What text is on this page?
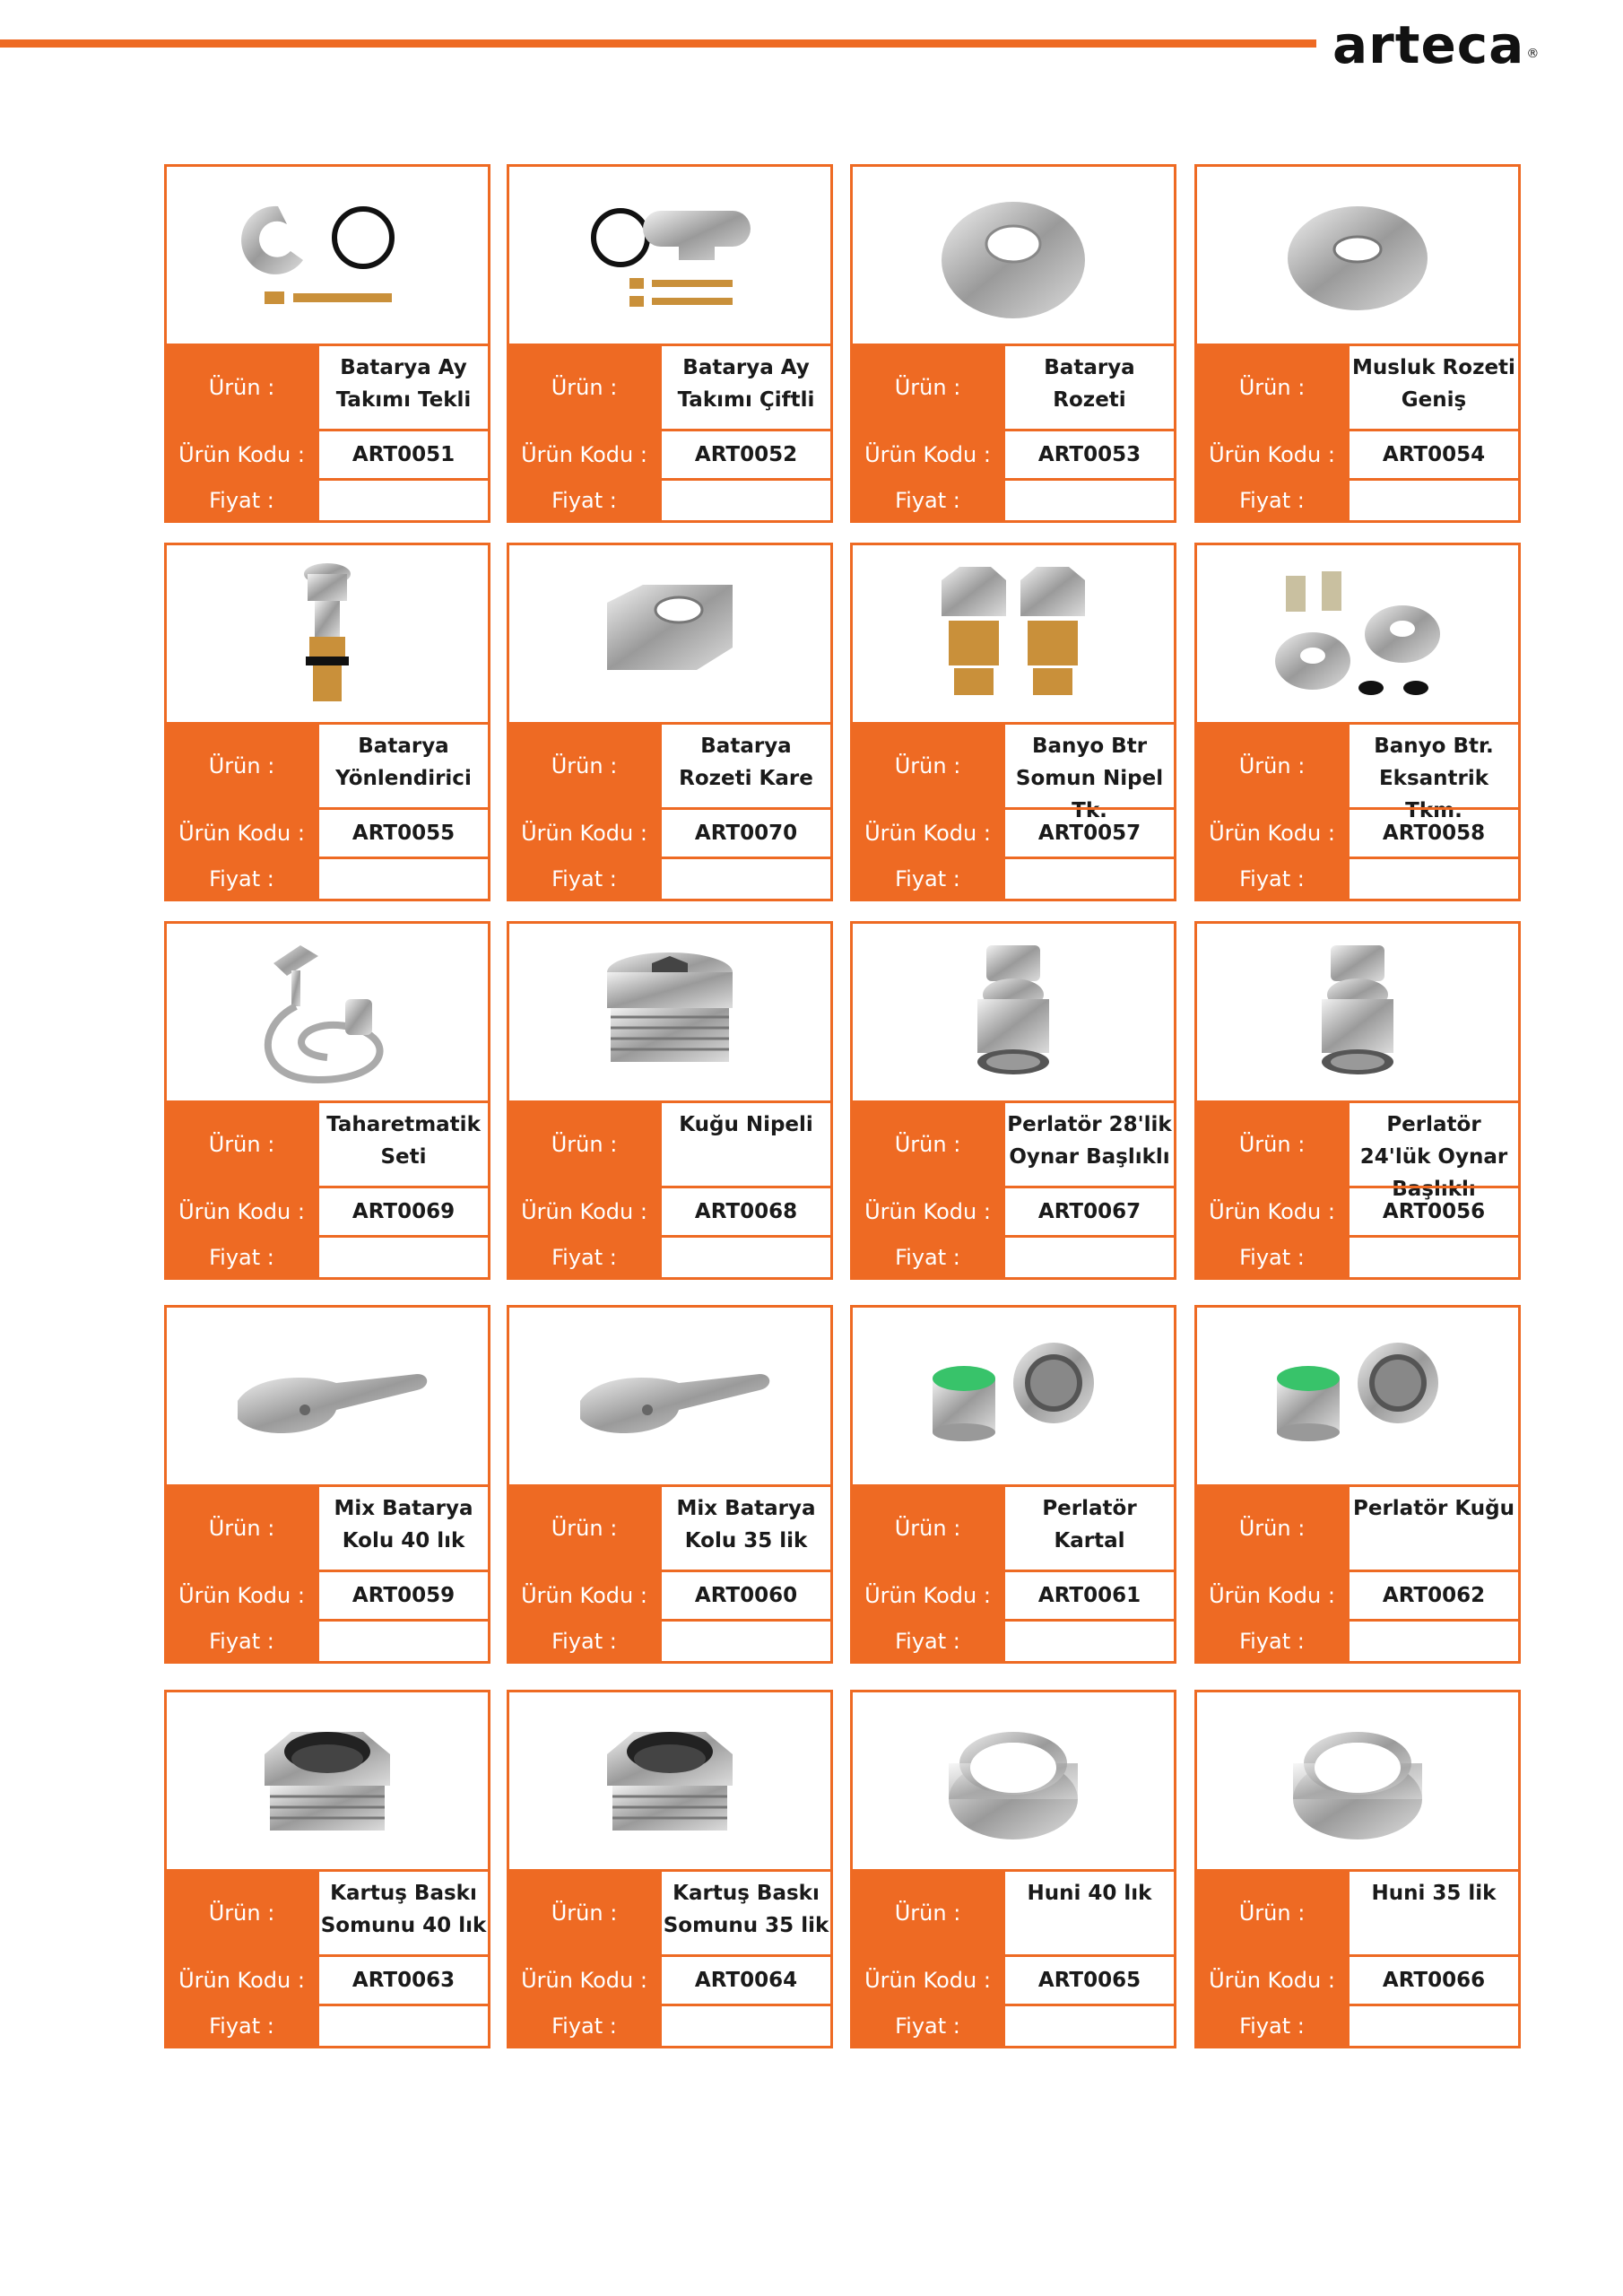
arteca ®
Ürün :
Batarya Ay Takımı Tekli
Ürün Kodu :	ART0051
Fiyat :
Ürün :
Batarya Ay Takımı Çiftli
Ürün Kodu :	ART0052
Fiyat :
Ürün :
Batarya Rozeti
Ürün Kodu :	ART0053
Fiyat :
Ürün :
Musluk Rozeti Geniş
Ürün Kodu :	ART0054
Fiyat :
Ürün :
Batarya Yönlendirici
Ürün Kodu :	ART0055
Fiyat :
Ürün :
Batarya Rozeti Kare
Ürün Kodu :	ART0070
Fiyat :
Ürün :
Banyo Btr Somun Nipel Tk.
Ürün Kodu :	ART0057
Fiyat :
Ürün :
Banyo Btr. Eksantrik Tkm.
Ürün Kodu :	ART0058
Fiyat :
Ürün :
Taharetmatik Seti
Ürün Kodu :	ART0069
Fiyat :
Ürün :
Kuğu Nipeli
Ürün Kodu :	ART0068
Fiyat :
Ürün :
Perlatör 28'lik Oynar Başlıklı
Ürün Kodu :	ART0067
Fiyat :
Ürün :
Perlatör 24'lük Oynar Başlıklı
Ürün Kodu :	ART0056
Fiyat :
Ürün :
Mix Batarya Kolu 40 lık
Ürün Kodu :	ART0059
Fiyat :
Ürün :
Mix Batarya Kolu 35 lik
Ürün Kodu :	ART0060
Fiyat :
Ürün :
Perlatör Kartal
Ürün Kodu :	ART0061
Fiyat :
Ürün :
Perlatör Kuğu
Ürün Kodu :	ART0062
Fiyat :
Ürün :
Kartuş Baskı Somunu 40 lık
Ürün Kodu :	ART0063
Fiyat :
Ürün :
Kartuş Baskı Somunu 35 lik
Ürün Kodu :	ART0064
Fiyat :
Ürün :
Huni 40 lık
Ürün Kodu :	ART0065
Fiyat :
Ürün :
Huni 35 lik
Ürün Kodu :	ART0066
Fiyat :
